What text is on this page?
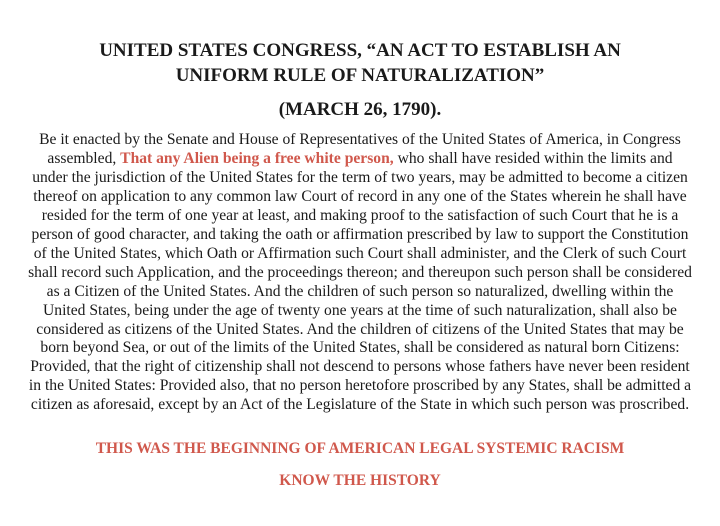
UNITED STATES CONGRESS, “AN ACT TO ESTABLISH AN
UNIFORM RULE OF NATURALIZATION”
(MARCH 26, 1790).

Be it enacted by the Senate and House of Representatives of the United States of America, in Congress assembled, That any Alien being a free white person, who shall have resided within the limits and under the jurisdiction of the United States for the term of two years, may be admitted to become a citizen thereof on application to any common law Court of record in any one of the States wherein he shall have resided for the term of one year at least, and making proof to the satisfaction of such Court that he is a person of good character, and taking the oath or affirmation prescribed by law to support the Constitution of the United States, which Oath or Affirmation such Court shall administer, and the Clerk of such Court shall record such Application, and the proceedings thereon; and thereupon such person shall be considered as a Citizen of the United States. And the children of such person so naturalized, dwelling within the United States, being under the age of twenty one years at the time of such naturalization, shall also be considered as citizens of the United States. And the children of citizens of the United States that may be born beyond Sea, or out of the limits of the United States, shall be considered as natural born Citizens: Provided, that the right of citizenship shall not descend to persons whose fathers have never been resident in the United States: Provided also, that no person heretofore proscribed by any States, shall be admitted a citizen as aforesaid, except by an Act of the Legislature of the State in which such person was proscribed.

THIS WAS THE BEGINNING OF AMERICAN LEGAL SYSTEMIC RACISM

KNOW THE HISTORY
